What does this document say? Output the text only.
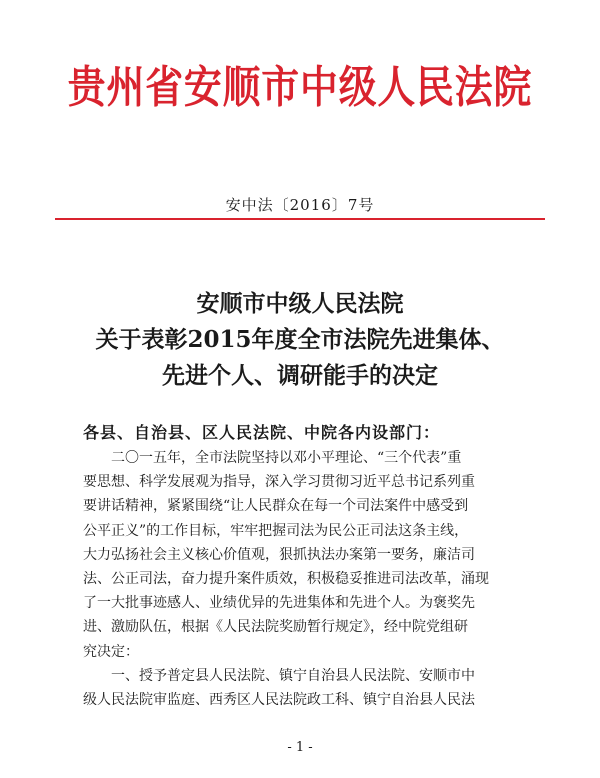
贵州省安顺市中级人民法院
安中法〔2016〕7号
安顺市中级人民法院
关于表彰2015年度全市法院先进集体、
先进个人、调研能手的决定
各县、自治县、区人民法院、中院各内设部门：
二〇一五年，全市法院坚持以邓小平理论、“三个代表”重
要思想、科学发展观为指导，深入学习贯彻习近平总书记系列重
要讲话精神，紧紧围绕“让人民群众在每一个司法案件中感受到
公平正义”的工作目标，牢牢把握司法为民公正司法这条主线，
大力弘扬社会主义核心价值观，狠抓执法办案第一要务，廉洁司
法、公正司法，奋力提升案件质效，积极稳妥推进司法改革，涌现
了一大批事迹感人、业绩优异的先进集体和先进个人。为褒奖先
进、激励队伍，根据《人民法院奖励暂行规定》，经中院党组研
究决定：
一、授予普定县人民法院、镇宁自治县人民法院、安顺市中
级人民法院审监庭、西秀区人民法院政工科、镇宁自治县人民法
- 1 -
